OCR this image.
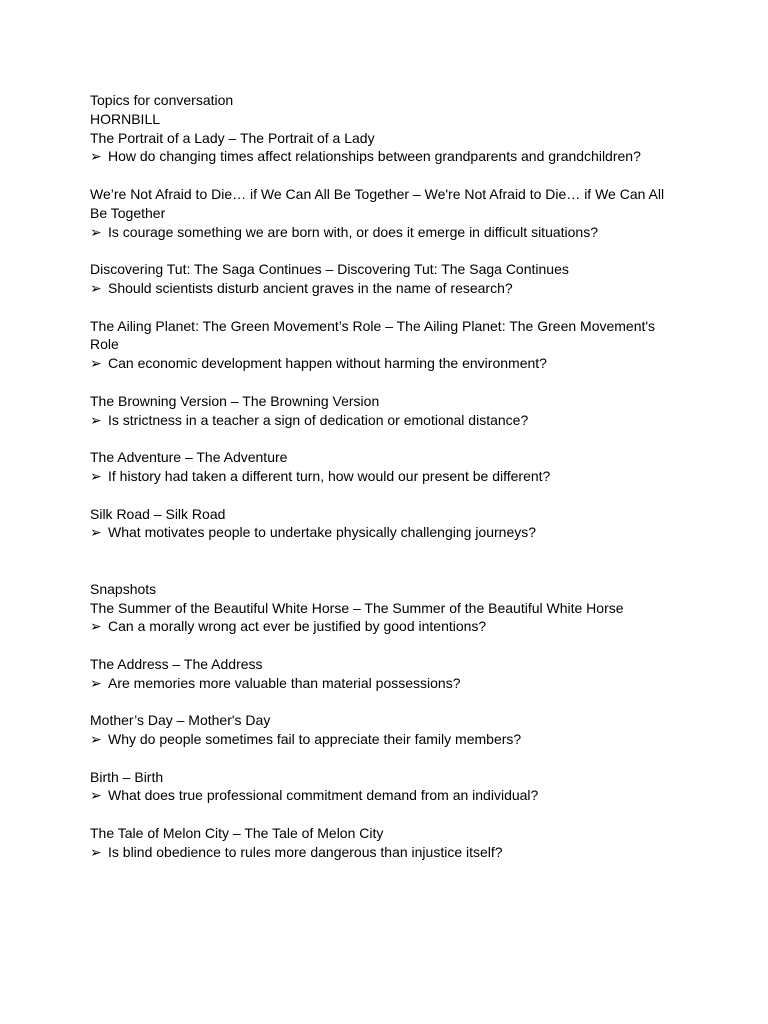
Topics for conversation

HORNBILL

The Portrait of a Lady – The Portrait of a Lady

➢ How do changing times affect relationships between grandparents and grandchildren?

We’re Not Afraid to Die… if We Can All Be Together – We're Not Afraid to Die… if We Can All Be Together

➢ Is courage something we are born with, or does it emerge in difficult situations?

Discovering Tut: The Saga Continues – Discovering Tut: The Saga Continues

➢ Should scientists disturb ancient graves in the name of research?

The Ailing Planet: The Green Movement’s Role – The Ailing Planet: The Green Movement's Role

➢ Can economic development happen without harming the environment?

The Browning Version – The Browning Version

➢ Is strictness in a teacher a sign of dedication or emotional distance?

The Adventure – The Adventure

➢ If history had taken a different turn, how would our present be different?

Silk Road – Silk Road

➢ What motivates people to undertake physically challenging journeys?

Snapshots

The Summer of the Beautiful White Horse – The Summer of the Beautiful White Horse

➢ Can a morally wrong act ever be justified by good intentions?

The Address – The Address

➢ Are memories more valuable than material possessions?

Mother’s Day – Mother's Day

➢ Why do people sometimes fail to appreciate their family members?

Birth – Birth

➢ What does true professional commitment demand from an individual?

The Tale of Melon City – The Tale of Melon City

➢ Is blind obedience to rules more dangerous than injustice itself?
